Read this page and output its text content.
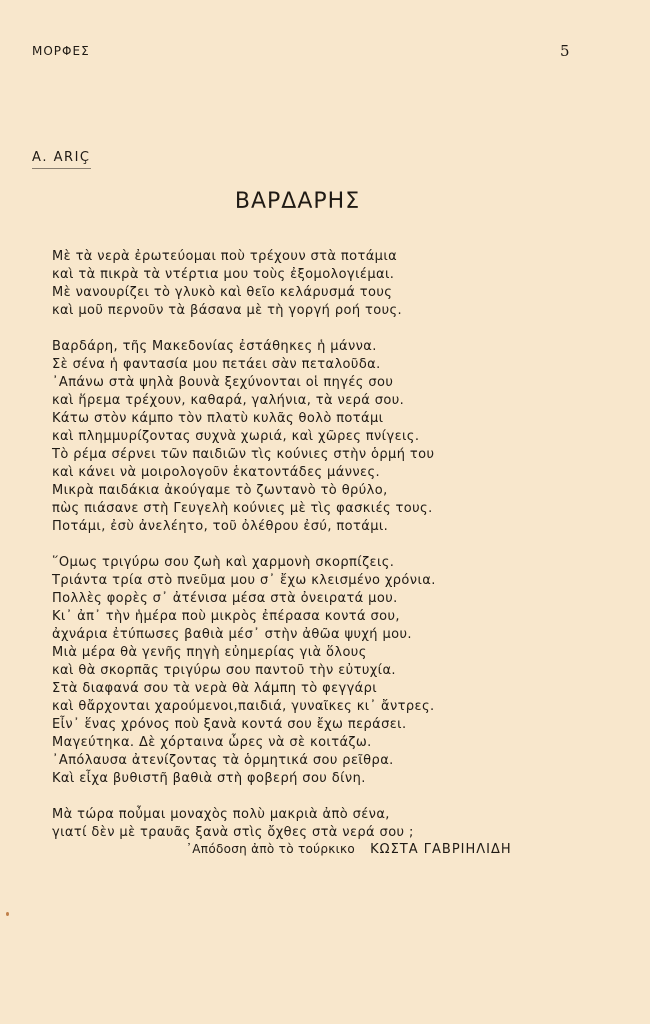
ΜΟΡΦΕΣ	5
Α. ΑRIÇ
ΒΑΡΔΑΡΗΣ
Μὲ τὰ νερὰ ἐρωτεύομαι ποὺ τρέχουν στὰ ποτάμια
καὶ τὰ πικρὰ τὰ ντέρτια μου τοὺς ἐξομολογιέμαι.
Μὲ νανουρίζει τὸ γλυκὸ καὶ θεῖο κελάρυσμά τους
καὶ μοῦ περνοῦν τὰ βάσανα μὲ τὴ γοργή ροή τους.
Βαρδάρη, τῆς Μακεδονίας ἐστάθηκες ἡ μάννα.
Σὲ σένα ἡ φαντασία μου πετάει σὰν πεταλοῦδα.
᾿Απάνω στὰ ψηλὰ βουνὰ ξεχύνονται οἱ πηγές σου
καὶ ἥρεμα τρέχουν, καθαρά, γαλήνια, τὰ νερά σου.
Κάτω στὸν κάμπο τὸν πλατὺ κυλᾶς θολὸ ποτάμι
καὶ πλημμυρίζοντας συχνὰ χωριά, καὶ χῶρες πνίγεις.
Τὸ ρέμα σέρνει τῶν παιδιῶν τὶς κούνιες στὴν ὁρμή του
καὶ κάνει νὰ μοιρολογοῦν ἑκατοντάδες μάννες.
Μικρὰ παιδάκια ἀκούγαμε τὸ ζωντανὸ τὸ θρύλο,
πὼς πιάσανε στὴ Γευγελὴ κούνιες μὲ τὶς φασκιές τους.
Ποτάμι, ἐσὺ ἀνελέητο, τοῦ ὀλέθρου ἐσύ, ποτάμι.
῞Ομως τριγύρω σου ζωὴ καὶ χαρμονὴ σκορπίζεις.
Τριάντα τρία στὸ πνεῦμα μου σ᾿ ἔχω κλεισμένο χρόνια.
Πολλὲς φορὲς σ᾿ ἀτένισα μέσα στὰ ὀνειρατά μου.
Κι᾿ ἀπ᾿ τὴν ἡμέρα ποὺ μικρὸς ἐπέρασα κοντά σου,
ἀχνάρια ἐτύπωσες βαθιὰ μέσ᾿ στὴν ἀθῶα ψυχή μου.
Μιὰ μέρα θὰ γενῆς πηγὴ εὐημερίας γιὰ ὅλους
καὶ θὰ σκορπᾶς τριγύρω σου παντοῦ τὴν εὐτυχία.
Στὰ διαφανά σου τὰ νερὰ θὰ λάμπη τὸ φεγγάρι
καὶ θἄρχονται χαρούμενοι,παιδιά, γυναῖκες κι᾿ ἄντρες.
Εἶν᾿ ἕνας χρόνος ποὺ ξανὰ κοντά σου ἔχω περάσει.
Μαγεύτηκα. Δὲ χόρταινα ὧρες νὰ σὲ κοιτάζω.
᾿Απόλαυσα ἀτενίζοντας τὰ ὁρμητικά σου ρεῖθρα.
Καὶ εἶχα βυθιστῆ βαθιὰ στὴ φοβερή σου δίνη.
Μὰ τώρα ποὖμαι μοναχὸς πολὺ μακριὰ ἀπὸ σένα,
γιατί δὲν μὲ τραυᾶς ξανὰ στὶς ὄχθες στὰ νερά σου ;
᾿Απόδοση ἀπὸ τὸ τούρκικο ΚΩΣΤΑ ΓΑΒΡΙΗΛΙΔΗ
